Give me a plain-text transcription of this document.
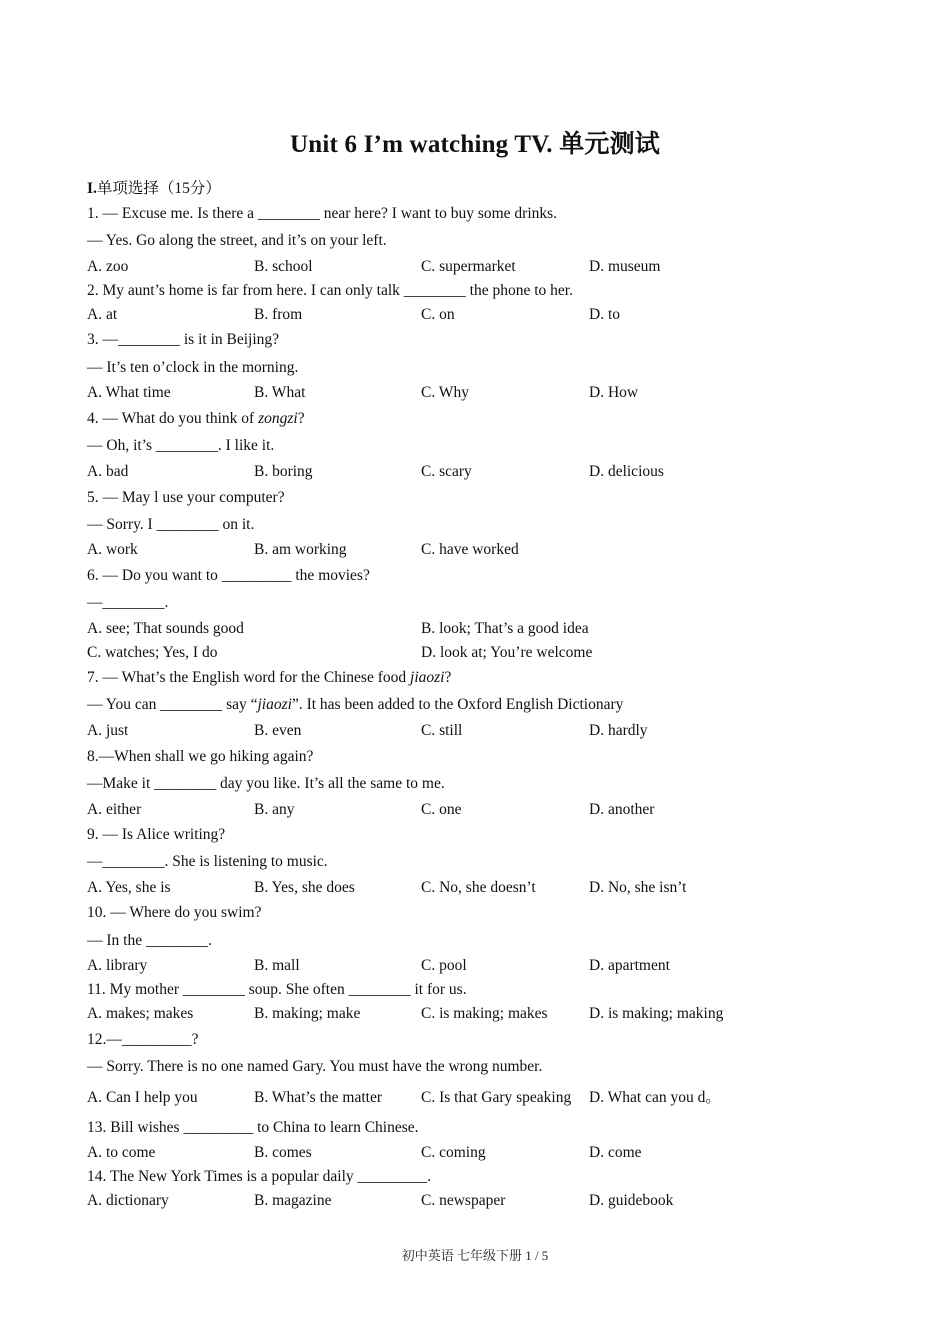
Unit 6 I’m watching TV. 单元测试
I.单项选择（15分）
1. — Excuse me. Is there a ________ near here? I want to buy some drinks.
— Yes. Go along the street, and it’s on your left.
A. zoo	B. school	C. supermarket	D. museum
2. My aunt’s home is far from here. I can only talk ________ the phone to her.
A. at	B. from	C. on	D. to
3. —________ is it in Beijing?
— It’s ten o’clock in the morning.
A. What time	B. What	C. Why	D. How
4. — What do you think of zongzi?
— Oh, it’s ________. I like it.
A. bad	B. boring	C. scary	D. delicious
5. — May l use your computer?
— Sorry. I ________ on it.
A. work	B. am working	C. have worked
6. — Do you want to _________ the movies?
—________.
A. see; That sounds good	B. look; That’s a good idea
C. watches; Yes, I do	D. look at; You’re welcome
7. — What’s the English word for the Chinese food jiaozi?
— You can ________ say “jiaozi”. It has been added to the Oxford English Dictionary
A. just	B. even	C. still	D. hardly
8.—When shall we go hiking again?
—Make it ________ day you like. It’s all the same to me.
A. either	B. any	C. one	D. another
9. — Is Alice writing?
—________. She is listening to music.
A. Yes, she is	B. Yes, she does	C. No, she doesn’t	D. No, she isn’t
10. — Where do you swim?
— In the ________.
A. library	B. mall	C. pool	D. apartment
11. My mother ________ soup. She often ________ it for us.
A. makes; makes	B. making; make	C. is making; makes	D. is making; making
12.—_________?
— Sorry. There is no one named Gary. You must have the wrong number.
A. Can I help you	B. What’s the matter	C. Is that Gary speaking D. What can you d。
13. Bill wishes _________ to China to learn Chinese.
A. to come	B. comes	C. coming	D. come
14. The New York Times is a popular daily _________.
A. dictionary	B. magazine	C. newspaper	D. guidebook
初中英语 七年级下册 1 / 5
